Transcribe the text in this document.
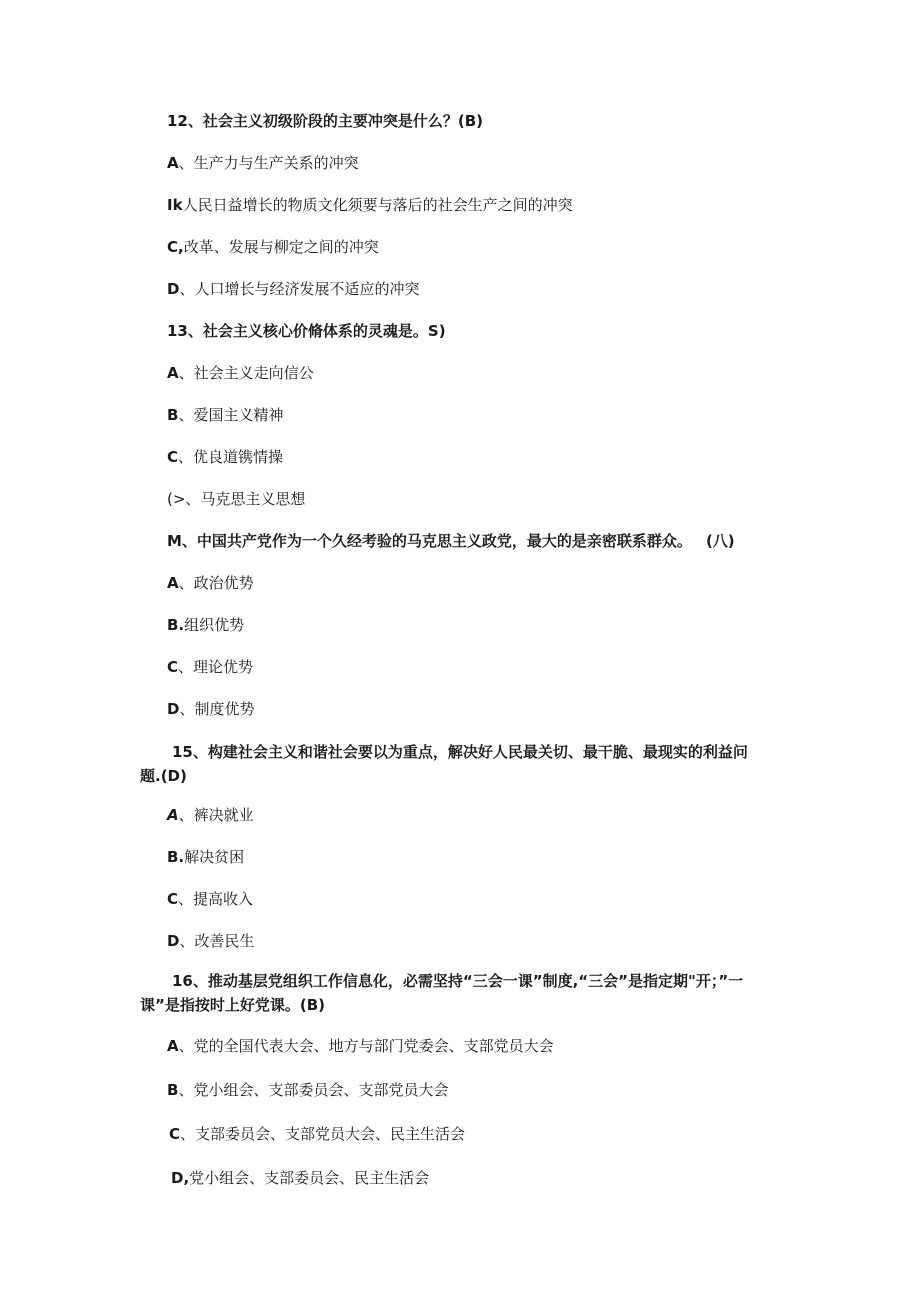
12、社会主义初级阶段的主要冲突是什么？(B)
A、生产力与生产关系的冲突
Ik人民日益增长的物质文化须要与落后的社会生产之间的冲突
C,改革、发展与柳定之间的冲突
D、人口增长与经济发展不适应的冲突
13、社会主义核心价脩体系的灵魂是。S)
A、社会主义走向信公
B、爱国主义精神
C、优良道镌情操
(>、马克思主义思想
M、中国共产党作为一个久经考验的马克思主义政党，最大的是亲密联系群众。 (八)
A、政治优势
B.组织优势
C、理论优势
D、制度优势
15、构建社会主义和谐社会要以为重点，解决好人民最关切、最干脆、最现实的利益问题.(D)
A、裤决就业
B.解决贫困
C、提高收入
D、改善民生
16、推动基层党组织工作信息化，必需坚持“三会一课”制度,“三会”是指定期"开；”一课”是指按时上好党课。(B)
A、党的全国代表大会、地方与部门党委会、支部党员大会
B、党小组会、支部委员会、支部党员大会
C、支部委员会、支部党员大会、民主生活会
D,党小组会、支部委员会、民主生活会
